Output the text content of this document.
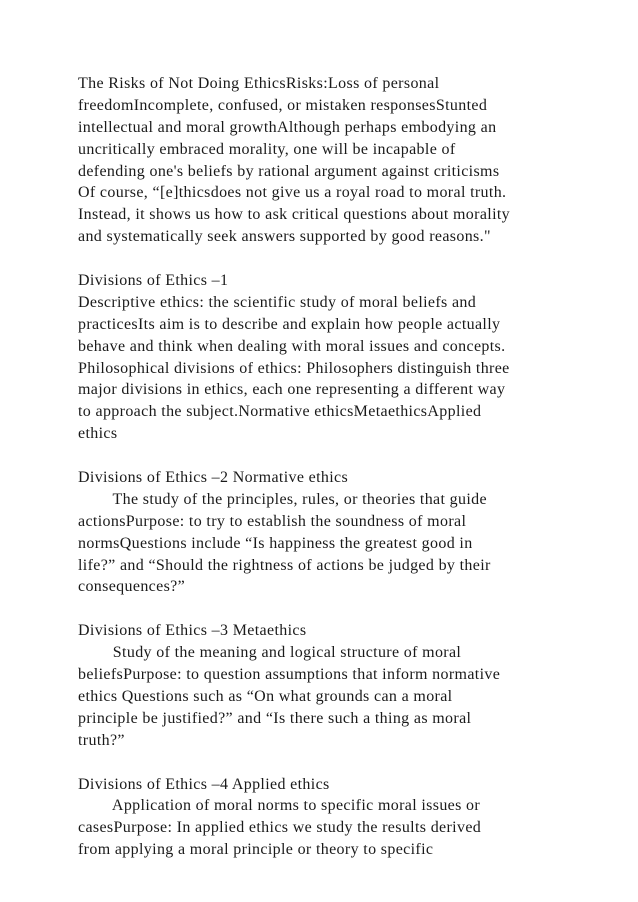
The Risks of Not Doing EthicsRisks:Loss of personal
freedomIncomplete, confused, or mistaken responsesStunted
intellectual and moral growthAlthough perhaps embodying an
uncritically embraced morality, one will be incapable of
defending one's beliefs by rational argument against criticisms
Of course, “[e]thicsdoes not give us a royal road to moral truth.
Instead, it shows us how to ask critical questions about morality
and systematically seek answers supported by good reasons."
Divisions of Ethics –1
Descriptive ethics: the scientific study of moral beliefs and
practicesIts aim is to describe and explain how people actually
behave and think when dealing with moral issues and concepts.
Philosophical divisions of ethics: Philosophers distinguish three
major divisions in ethics, each one representing a different way
to approach the subject.Normative ethicsMetaethicsApplied
ethics
Divisions of Ethics –2 Normative ethics
The study of the principles, rules, or theories that guide
actionsPurpose: to try to establish the soundness of moral
normsQuestions include “Is happiness the greatest good in
life?” and “Should the rightness of actions be judged by their
consequences?”
Divisions of Ethics –3 Metaethics
Study of the meaning and logical structure of moral
beliefsPurpose: to question assumptions that inform normative
ethics Questions such as “On what grounds can a moral
principle be justified?” and “Is there such a thing as moral
truth?”
Divisions of Ethics –4 Applied ethics
Application of moral norms to specific moral issues or
casesPurpose: In applied ethics we study the results derived
from applying a moral principle or theory to specific
